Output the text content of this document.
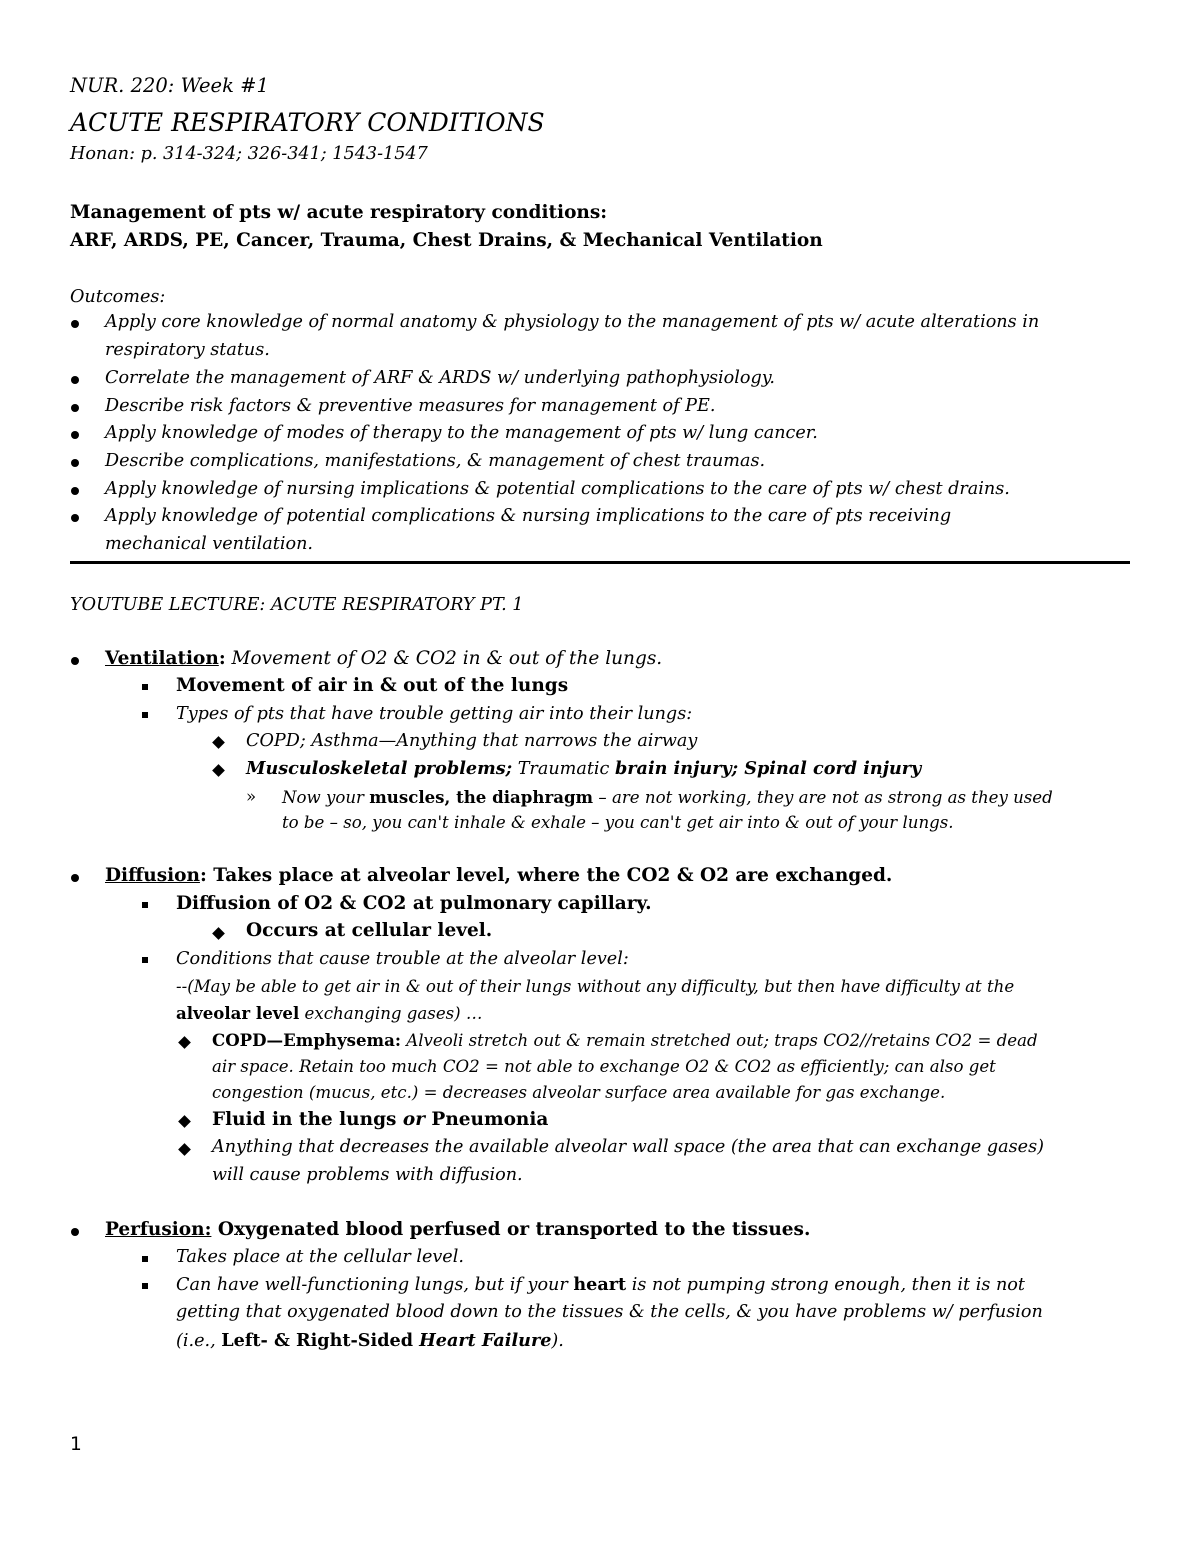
NUR. 220: Week #1
ACUTE RESPIRATORY CONDITIONS
Honan: p. 314-324; 326-341; 1543-1547
Management of pts w/ acute respiratory conditions:
ARF, ARDS, PE, Cancer, Trauma, Chest Drains, & Mechanical Ventilation
Outcomes:
Apply core knowledge of normal anatomy & physiology to the management of pts w/ acute alterations in
respiratory status.
Correlate the management of ARF & ARDS w/ underlying pathophysiology.
Describe risk factors & preventive measures for management of PE.
Apply knowledge of modes of therapy to the management of pts w/ lung cancer.
Describe complications, manifestations, & management of chest traumas.
Apply knowledge of nursing implications & potential complications to the care of pts w/ chest drains.
Apply knowledge of potential complications & nursing implications to the care of pts receiving
mechanical ventilation.
YOUTUBE LECTURE: ACUTE RESPIRATORY PT. 1
Ventilation: Movement of O2 & CO2 in & out of the lungs.
Movement of air in & out of the lungs
Types of pts that have trouble getting air into their lungs:
COPD; Asthma—Anything that narrows the airway
Musculoskeletal problems; Traumatic brain injury; Spinal cord injury
» Now your muscles, the diaphragm – are not working, they are not as strong as they used
to be – so, you can't inhale & exhale – you can't get air into & out of your lungs.
Diffusion: Takes place at alveolar level, where the CO2 & O2 are exchanged.
Diffusion of O2 & CO2 at pulmonary capillary.
Occurs at cellular level.
Conditions that cause trouble at the alveolar level:
--(May be able to get air in & out of their lungs without any difficulty, but then have difficulty at the
alveolar level exchanging gases) …
COPD—Emphysema: Alveoli stretch out & remain stretched out; traps CO2//retains CO2 = dead
air space. Retain too much CO2 = not able to exchange O2 & CO2 as efficiently; can also get
congestion (mucus, etc.) = decreases alveolar surface area available for gas exchange.
Fluid in the lungs or Pneumonia
Anything that decreases the available alveolar wall space (the area that can exchange gases)
will cause problems with diffusion.
Perfusion: Oxygenated blood perfused or transported to the tissues.
Takes place at the cellular level.
Can have well-functioning lungs, but if your heart is not pumping strong enough, then it is not
getting that oxygenated blood down to the tissues & the cells, & you have problems w/ perfusion
(i.e., Left- & Right-Sided Heart Failure).
1
